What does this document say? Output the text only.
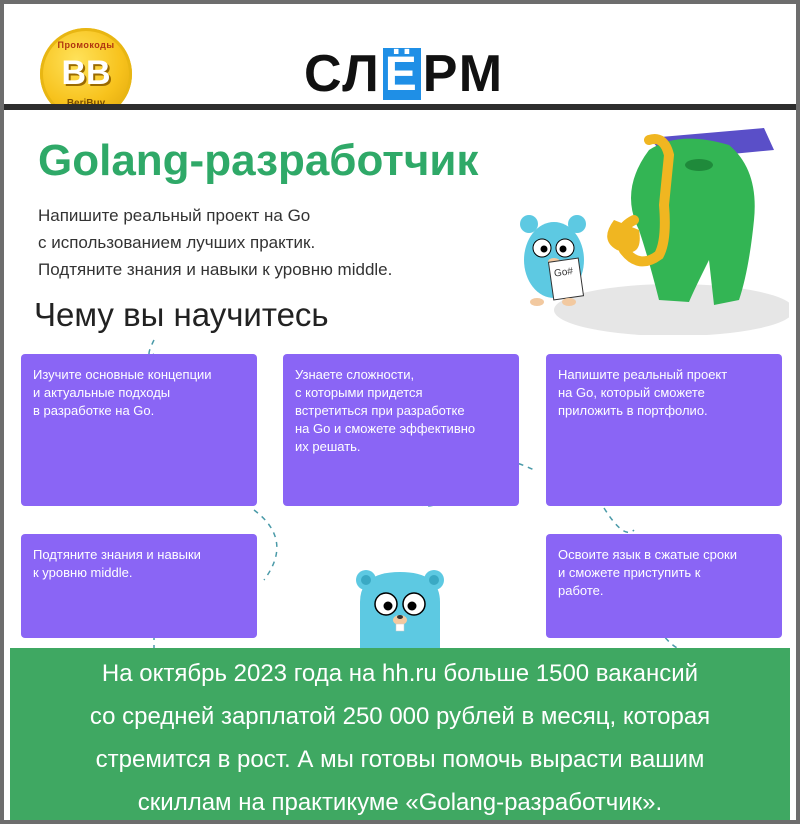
Промокоды
BB	СЛ Ё РМ
Golang-разработчик
Напишите реальный проект на Go
с использованием лучших практик.
Подтяните знания и навыки к уровню middle.	Go#
Чему вы научитесь
Изучите основные концепции
и актуальные подходы
в разработке на Go.
Узнаете сложности,
с которыми придется
встретиться при разработке
на Go и сможете эффективно
их решать.
Напишите реальный проект
на Go, который сможете
приложить в портфолио.
Подтяните знания и навыки
к уровню middle.
Освоите язык в сжатые сроки
и сможете приступить к
работе.
На октябрь 2023 года на hh.ru больше 1500 вакансий
со средней зарплатой 250 000 рублей в месяц, которая
стремится в рост. А мы готовы помочь вырасти вашим
скиллам на практикуме «Golang-разработчик».
